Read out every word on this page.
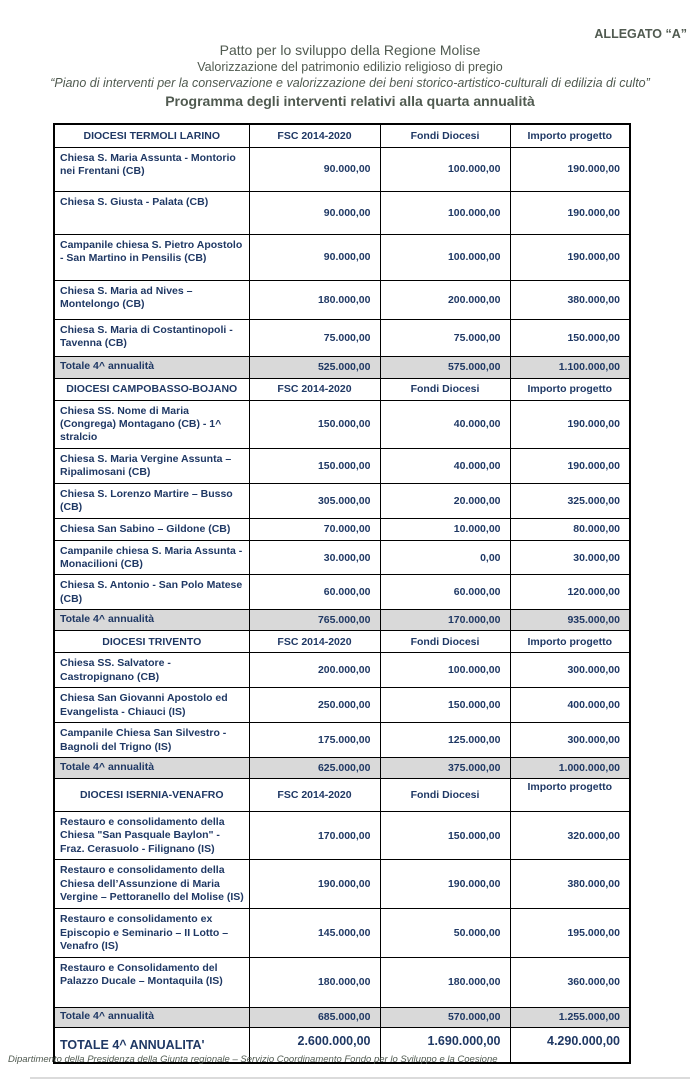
ALLEGATO “A”
Patto per lo sviluppo della Regione Molise
Valorizzazione del patrimonio edilizio religioso di pregio
“Piano di interventi per la conservazione e valorizzazione dei beni storico-artistico-culturali di edilizia di culto”
Programma degli interventi relativi alla quarta annualità
DIOCESI TERMOLI LARINO	FSC 2014-2020	Fondi Diocesi	Importo progetto
Chiesa S. Maria Assunta - Montorio nei Frentani (CB)	90.000,00	100.000,00	190.000,00
Chiesa S. Giusta - Palata (CB)	90.000,00	100.000,00	190.000,00
Campanile chiesa S. Pietro Apostolo - San Martino in Pensilis (CB)	90.000,00	100.000,00	190.000,00
Chiesa S. Maria ad Nives – Montelongo (CB)	180.000,00	200.000,00	380.000,00
Chiesa S. Maria di Costantinopoli - Tavenna (CB)	75.000,00	75.000,00	150.000,00
Totale 4^ annualità	525.000,00	575.000,00	1.100.000,00
DIOCESI CAMPOBASSO-BOJANO	FSC 2014-2020	Fondi Diocesi	Importo progetto
Chiesa SS. Nome di Maria (Congrega) Montagano (CB) - 1^ stralcio	150.000,00	40.000,00	190.000,00
Chiesa S. Maria Vergine Assunta – Ripalimosani (CB)	150.000,00	40.000,00	190.000,00
Chiesa S. Lorenzo Martire – Busso (CB)	305.000,00	20.000,00	325.000,00
Chiesa San Sabino – Gildone (CB)	70.000,00	10.000,00	80.000,00
Campanile chiesa S. Maria Assunta - Monacilioni (CB)	30.000,00	0,00	30.000,00
Chiesa S. Antonio - San Polo Matese (CB)	60.000,00	60.000,00	120.000,00
Totale 4^ annualità	765.000,00	170.000,00	935.000,00
DIOCESI TRIVENTO	FSC 2014-2020	Fondi Diocesi	Importo progetto
Chiesa SS. Salvatore - Castropignano (CB)	200.000,00	100.000,00	300.000,00
Chiesa San Giovanni Apostolo ed Evangelista - Chiauci (IS)	250.000,00	150.000,00	400.000,00
Campanile Chiesa San Silvestro - Bagnoli del Trigno (IS)	175.000,00	125.000,00	300.000,00
Totale 4^ annualità	625.000,00	375.000,00	1.000.000,00
DIOCESI ISERNIA-VENAFRO	FSC 2014-2020	Fondi Diocesi	Importo progetto
Restauro e consolidamento della Chiesa "San Pasquale Baylon" - Fraz. Cerasuolo - Filignano (IS)	170.000,00	150.000,00	320.000,00
Restauro e consolidamento della Chiesa dell’Assunzione di Maria Vergine – Pettoranello del Molise (IS)	190.000,00	190.000,00	380.000,00
Restauro e consolidamento ex Episcopio e Seminario – II Lotto – Venafro (IS)	145.000,00	50.000,00	195.000,00
Restauro e Consolidamento del Palazzo Ducale – Montaquila (IS)	180.000,00	180.000,00	360.000,00
Totale 4^ annualità	685.000,00	570.000,00	1.255.000,00
TOTALE 4^ ANNUALITA'	2.600.000,00	1.690.000,00	4.290.000,00
Dipartimento della Presidenza della Giunta regionale – Servizio Coordinamento Fondo per lo Sviluppo e la Coesione
